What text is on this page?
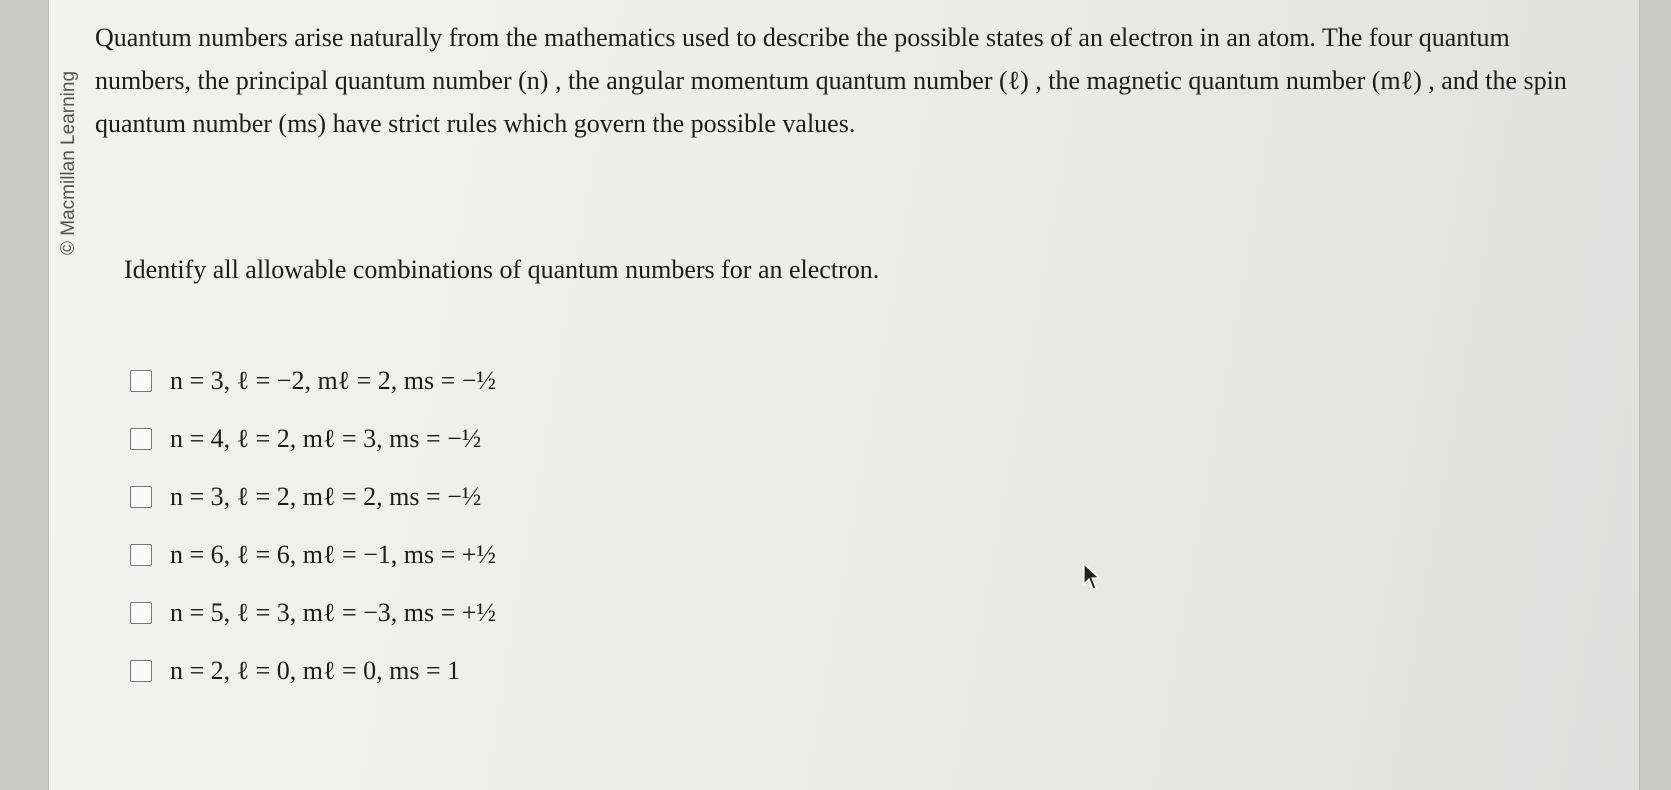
© Macmillan Learning
Quantum numbers arise naturally from the mathematics used to describe the possible states of an electron in an atom. The four quantum numbers, the principal quantum number (n) , the angular momentum quantum number (ℓ) , the magnetic quantum number (mℓ) , and the spin quantum number (ms) have strict rules which govern the possible values.
Identify all allowable combinations of quantum numbers for an electron.
n = 3, ℓ = −2, mℓ = 2, ms = −½
n = 4, ℓ = 2, mℓ = 3, ms = −½
n = 3, ℓ = 2, mℓ = 2, ms = −½
n = 6, ℓ = 6, mℓ = −1, ms = +½
n = 5, ℓ = 3, mℓ = −3, ms = +½
n = 2, ℓ = 0, mℓ = 0, ms = 1
